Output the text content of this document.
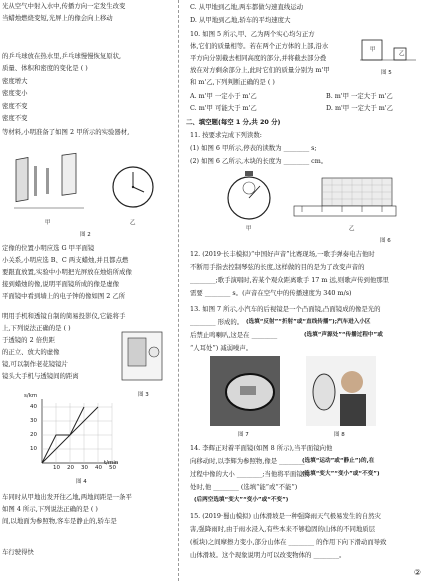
光从空气中射入水中,传播方向一定发生改变
当蜡烛燃烧变短,光屏上的像会向上移动
的乒乓球放在热水里,乒乓球慢慢恢复原状,
质量、体积和密度的变化是 ( )
密度增大
密度变小
密度不变
密度不变
等材料,小明准备了如图 2 甲所示的实验器材,
甲	乙
图 2
定像的位置小明应选 G 甲平面镜
小关系,小明应选 B、C 两支蜡烛,并且都点燃
要跟直放置,实验中小明把光屏放在烛焰所成像
接到蜡烛的像,说明平面镜所成的像是虚像
平面镜中看到墙上的电子钟的像如图 2 乙所
明用手机和透镜自制的简易投影仪,它能将手
上,下列说法正确的是 ( )
图 3
于透镜的 2 倍焦距
的正立、放大的虚像
镜,可以制作老花镜镜片
镜头大手机与透镜间的距离
s/km
t/min
40
30
20
10
10 20 30 40 50
图 4
车同时从甲地出发开往乙地,两地间距是一条平
如图 4 所示,下列说法正确的是 ( )
间,以地面为参照物,客车是静止的,轿车是
车行驶得快
C. 从甲地到乙地,两车都做匀速直线运动
D. 从甲地到乙地,轿车的平均速度大
10. 如图 5 所示,甲、乙为两个实心均匀正方
体,它们的质量相等。若在两个正方体的上部,沿水
平方向分别截去相同高度的部分,并将截去部分叠
放在对方剩余部分上,此时它们的质量分别为 m'甲
和 m'乙,下列判断正确的是 ( )
甲
乙
图 5
A. m'甲 一定小于 m'乙	B. m'甲 一定大于 m'乙
C. m'甲 可能大于 m'乙	D. m'甲 一定大于 m'乙
二、填空题(每空 1 分,共 20 分)
11. 按要求完成下列读数:
(1) 如图 6 甲所示,停表的读数为 ________ s;
(2) 如图 6 乙所示,木块的长度为 ________ cm。
甲	乙
图 6
12. (2019·长丰模拟)“中国好声音”比赛现场,一歌手弹奏电吉他时
不断用手指去控制琴弦的长度,这样做的目的是为了改变声音的
________;歌手演唱时,若某个观众距离歌手 17 m 远,则歌声传到他那里
需要 ________ s。(声音在空气中的传播速度为 340 m/s)
13. 如图 7 所示,小汽车的后视镜是一个凸面镜,凸面镜成的像是光的
________ 形成的。 (选填“反射”“折射”或“直线传播”);汽车进入小区
后禁止鸣喇叭,这是在 ________	(选填“声源处”“传播过程中”或
“人耳处”) 减弱噪声。
图 7	图 8
14. 李辉正对着平面镜(如图 8 所示),当平面镜向他
向移动时,以李辉为参照物,像是 ________
(选填“运动”或“静止”)的,在
过程中像的大小 ________;当他将平面镜放
(选填“变大”“变小”或“不变”)
处时,他 ________ (选填“能”或“不能”)
(后两空选填“变大”“变小”或“不变”)
15. (2019·蜀山模拟) 山体滑坡是一种强降雨天气极易发生的自然灾
害,强降雨时,由于雨水浸入,有些本来不够稳固的山体的不同地质层
(板块)之间摩擦力变小,部分山体在 ________ 的作用下向下滑动而导致
山体滑坡。这个现象说明力可以改变物体的 ________。
②
